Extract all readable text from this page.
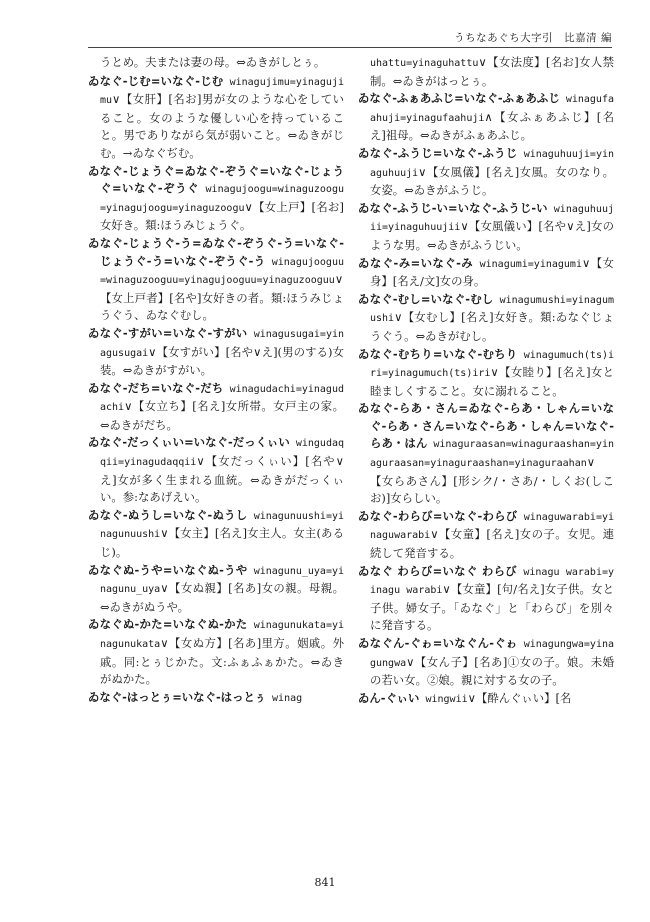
うちなあぐち大字引　比嘉清 編

うとめ。夫または妻の母。⇔ゐきがしとぅ。

ゐなぐ-じむ=いなぐ-じむ winagujimu=yinagujimu∨【女肝】[名お]男が女のような心をしていること。女のような優しい心を持っていること。男でありながら気が弱いこと。⇔ゐきがじむ。→ゐなぐぢむ。

ゐなぐ-じょうぐ=ゐなぐ-ぞうぐ=いなぐ-じょうぐ=いなぐ-ぞうぐ winagujoogu=winaguzoogu=yinagujoogu=yinaguzoogu∨【女上戸】[名お]女好き。類:ほうみじょうぐ。

ゐなぐ-じょうぐ-う=ゐなぐ-ぞうぐ-う=いなぐ-じょうぐ-う=いなぐ-ぞうぐ-う winagujooguu=winaguzooguu=yinagujooguu=yinaguzooguu∨【女上戸者】[名や]女好きの者。類:ほうみじょうぐう、ゐなぐむし。

ゐなぐ-すがい=いなぐ-すがい winagusugai=yinagusugai∨【女すがい】[名や∨え](男のする)女装。⇔ゐきがすがい。

ゐなぐ-だち=いなぐ-だち winagudachi=yinagudachi∨【女立ち】[名え]女所帯。女戸主の家。⇔ゐきがだち。

ゐなぐ-だっくぃい=いなぐ-だっくぃい wingudaqqii=yinagudaqqii∨【女だっくぃい】[名や∨え]女が多く生まれる血統。⇔ゐきがだっくぃい。参:なあげえい。

ゐなぐ-ぬうし=いなぐ-ぬうし winagunuushi=yinagunuushi∨【女主】[名え]女主人。女主(あるじ)。

ゐなぐぬ-うや=いなぐぬ-うや winagunu_uya=yinagunu_uya∨【女ぬ親】[名あ]女の親。母親。⇔ゐきがぬうや。

ゐなぐぬ-かた=いなぐぬ-かた winagunukata=yinagunukata∨【女ぬ方】[名あ]里方。姻戚。外戚。同:とぅじかた。文:ふぁふぁかた。⇔ゐきがぬかた。

ゐなぐ-はっとぅ=いなぐ-はっとぅ winag

uhattu=yinaguhattu∨【女法度】[名お]女人禁制。⇔ゐきがはっとぅ。

ゐなぐ-ふぁあふじ=いなぐ-ふぁあふじ winagufaahuji=yinagufaahuji∧【女ふぁあふじ】[名え]祖母。⇔ゐきがふぁあふじ。

ゐなぐ-ふうじ=いなぐ-ふうじ winaguhuuji=yinaguhuuji∨【女風儀】[名え]女風。女のなり。女姿。⇔ゐきがふうじ。

ゐなぐ-ふうじ-い=いなぐ-ふうじ-い winaguhuujii=yinaguhuujii∨【女風儀い】[名や∨え]女のような男。⇔ゐきがふうじい。

ゐなぐ-み=いなぐ-み winagumi=yinagumi∨【女身】[名え/文]女の身。

ゐなぐ-むし=いなぐ-むし winagumushi=yinagumushi∨【女むし】[名え]女好き。類:ゐなぐじょうぐう。⇔ゐきがむし。

ゐなぐ-むちり=いなぐ-むちり winagumuch(ts)iri=yinagumuch(ts)iri∨【女睦り】[名え]女と睦ましくすること。女に溺れること。

ゐなぐ-らあ・さん=ゐなぐ-らあ・しゃん=いなぐ-らあ・さん=いなぐ-らあ・しゃん=いなぐ-らあ・はん winaguraasan=winaguraashan=yinaguraasan=yinaguraashan=yinaguraahan∨【女らあさん】[形シク/・さあ/・しくお(しこお)]女らしい。

ゐなぐ-わらび=いなぐ-わらび winaguwarabi=yinaguwarabi∨【女童】[名え]女の子。女児。連続して発音する。

ゐなぐ わらび=いなぐ わらび winagu warabi=yinagu warabi∨【女童】[句/名え]女子供。女と子供。婦女子。「ゐなぐ」と「わらび」を別々に発音する。

ゐなぐん-ぐゎ=いなぐん-ぐゎ winagungwa=yinagungwa∨【女ん子】[名あ]①女の子。娘。未婚の若い女。②娘。親に対する女の子。

ゐん-ぐぃい wingwii∨【酔んぐぃい】[名

841
